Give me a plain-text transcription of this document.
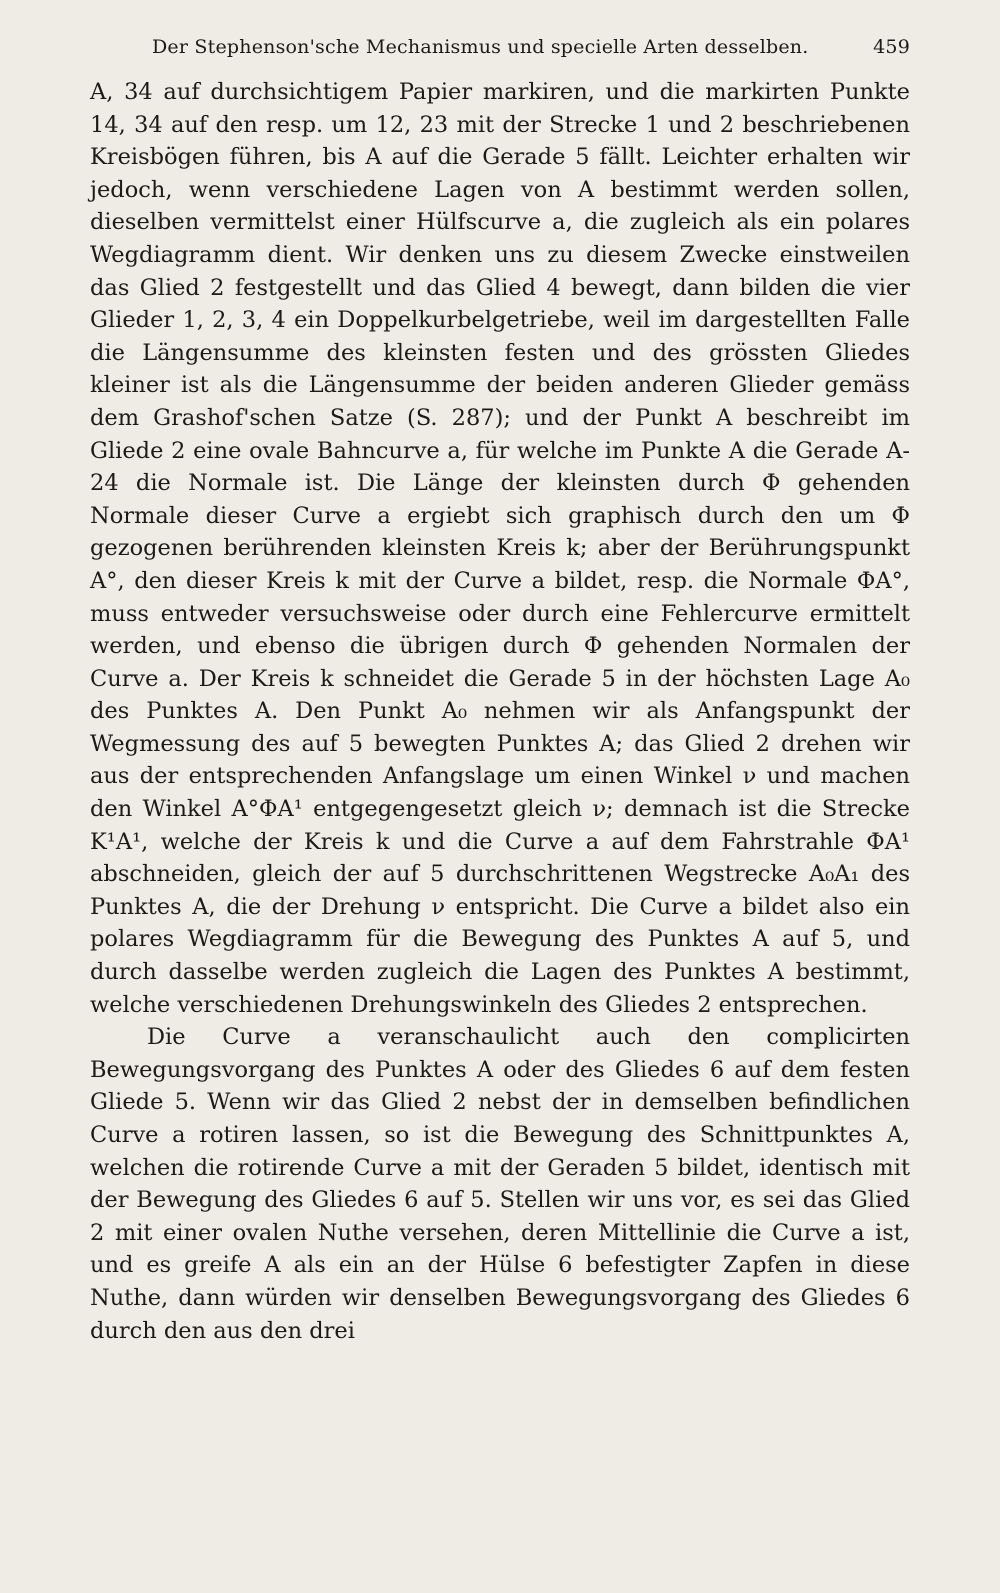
Der Stephenson'sche Mechanismus und specielle Arten desselben.	459

A, 34 auf durchsichtigem Papier markiren, und die markirten Punkte 14, 34 auf den resp. um 12, 23 mit der Strecke 1 und 2 beschriebenen Kreisbögen führen, bis A auf die Gerade 5 fällt. Leichter erhalten wir jedoch, wenn verschiedene Lagen von A bestimmt werden sollen, dieselben vermittelst einer Hülfscurve a, die zugleich als ein polares Wegdiagramm dient. Wir denken uns zu diesem Zwecke einstweilen das Glied 2 festgestellt und das Glied 4 bewegt, dann bilden die vier Glieder 1, 2, 3, 4 ein Doppelkurbelgetriebe, weil im dargestellten Falle die Längensumme des kleinsten festen und des grössten Gliedes kleiner ist als die Längensumme der beiden anderen Glieder gemäss dem Grashof'schen Satze (S. 287); und der Punkt A beschreibt im Gliede 2 eine ovale Bahncurve a, für welche im Punkte A die Gerade A-24 die Normale ist. Die Länge der kleinsten durch Φ gehenden Normale dieser Curve a ergiebt sich graphisch durch den um Φ gezogenen berührenden kleinsten Kreis k; aber der Berührungspunkt A°, den dieser Kreis k mit der Curve a bildet, resp. die Normale ΦA°, muss entweder versuchsweise oder durch eine Fehlercurve ermittelt werden, und ebenso die übrigen durch Φ gehenden Normalen der Curve a. Der Kreis k schneidet die Gerade 5 in der höchsten Lage A₀ des Punktes A. Den Punkt A₀ nehmen wir als Anfangspunkt der Wegmessung des auf 5 bewegten Punktes A; das Glied 2 drehen wir aus der entsprechenden Anfangslage um einen Winkel ν und machen den Winkel A°ΦA¹ entgegengesetzt gleich ν; demnach ist die Strecke K¹A¹, welche der Kreis k und die Curve a auf dem Fahrstrahle ΦA¹ abschneiden, gleich der auf 5 durchschrittenen Wegstrecke A₀A₁ des Punktes A, die der Drehung ν entspricht. Die Curve a bildet also ein polares Wegdiagramm für die Bewegung des Punktes A auf 5, und durch dasselbe werden zugleich die Lagen des Punktes A bestimmt, welche verschiedenen Drehungswinkeln des Gliedes 2 entsprechen.

Die Curve a veranschaulicht auch den complicirten Bewegungsvorgang des Punktes A oder des Gliedes 6 auf dem festen Gliede 5. Wenn wir das Glied 2 nebst der in demselben befindlichen Curve a rotiren lassen, so ist die Bewegung des Schnittpunktes A, welchen die rotirende Curve a mit der Geraden 5 bildet, identisch mit der Bewegung des Gliedes 6 auf 5. Stellen wir uns vor, es sei das Glied 2 mit einer ovalen Nuthe versehen, deren Mittellinie die Curve a ist, und es greife A als ein an der Hülse 6 befestigter Zapfen in diese Nuthe, dann würden wir denselben Bewegungsvorgang des Gliedes 6 durch den aus den drei
